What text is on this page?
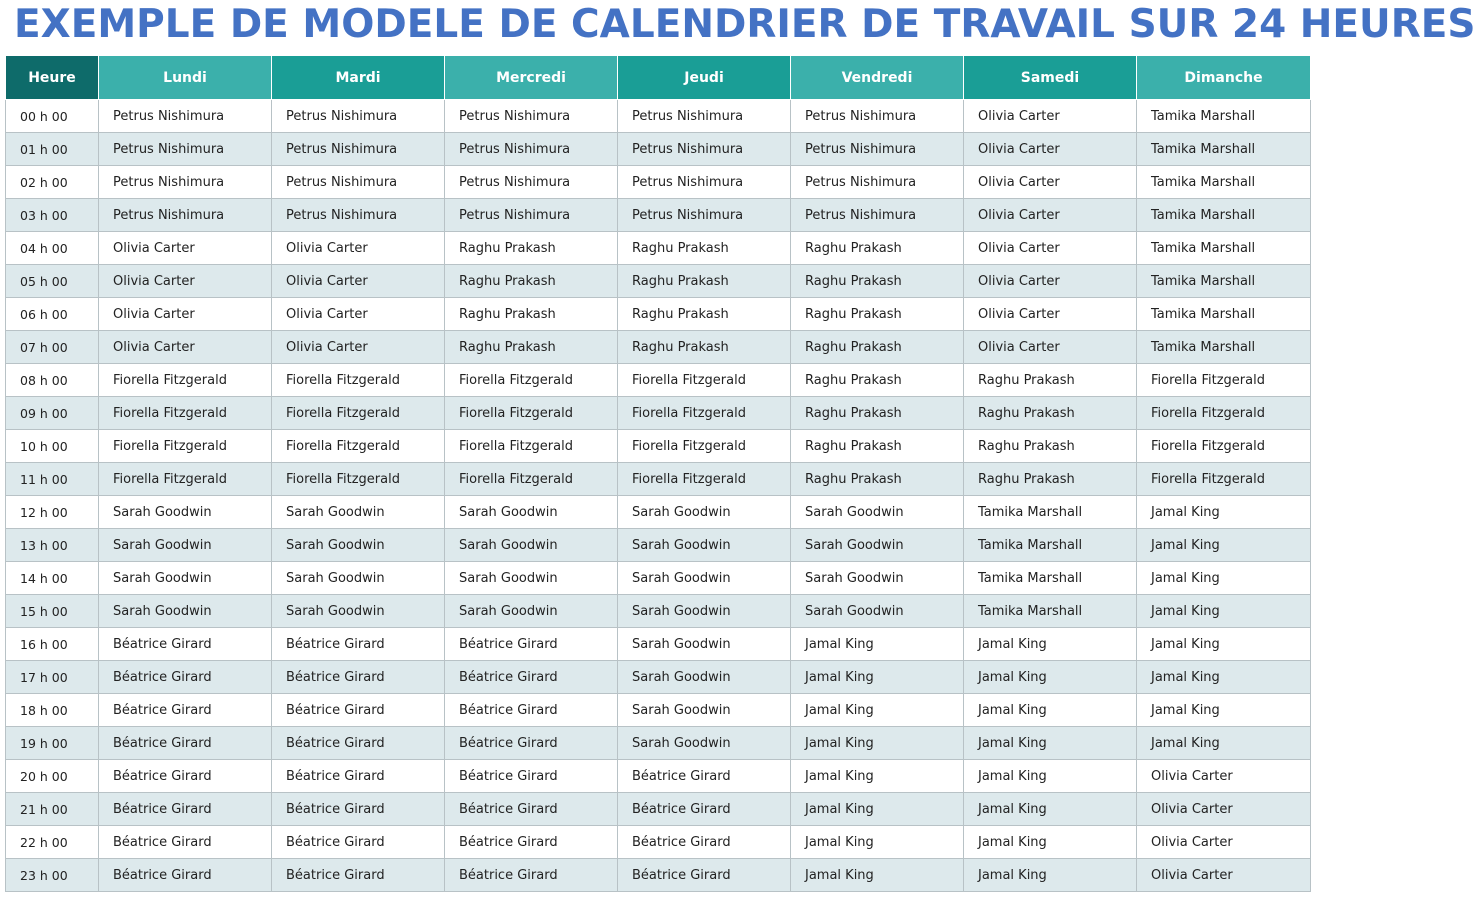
EXEMPLE DE MODELE DE CALENDRIER DE TRAVAIL SUR 24 HEURES
Heure	Lundi	Mardi	Mercredi	Jeudi	Vendredi	Samedi	Dimanche
00 h 00	Petrus Nishimura	Petrus Nishimura	Petrus Nishimura	Petrus Nishimura	Petrus Nishimura	Olivia Carter	Tamika Marshall
01 h 00	Petrus Nishimura	Petrus Nishimura	Petrus Nishimura	Petrus Nishimura	Petrus Nishimura	Olivia Carter	Tamika Marshall
02 h 00	Petrus Nishimura	Petrus Nishimura	Petrus Nishimura	Petrus Nishimura	Petrus Nishimura	Olivia Carter	Tamika Marshall
03 h 00	Petrus Nishimura	Petrus Nishimura	Petrus Nishimura	Petrus Nishimura	Petrus Nishimura	Olivia Carter	Tamika Marshall
04 h 00	Olivia Carter	Olivia Carter	Raghu Prakash	Raghu Prakash	Raghu Prakash	Olivia Carter	Tamika Marshall
05 h 00	Olivia Carter	Olivia Carter	Raghu Prakash	Raghu Prakash	Raghu Prakash	Olivia Carter	Tamika Marshall
06 h 00	Olivia Carter	Olivia Carter	Raghu Prakash	Raghu Prakash	Raghu Prakash	Olivia Carter	Tamika Marshall
07 h 00	Olivia Carter	Olivia Carter	Raghu Prakash	Raghu Prakash	Raghu Prakash	Olivia Carter	Tamika Marshall
08 h 00	Fiorella Fitzgerald	Fiorella Fitzgerald	Fiorella Fitzgerald	Fiorella Fitzgerald	Raghu Prakash	Raghu Prakash	Fiorella Fitzgerald
09 h 00	Fiorella Fitzgerald	Fiorella Fitzgerald	Fiorella Fitzgerald	Fiorella Fitzgerald	Raghu Prakash	Raghu Prakash	Fiorella Fitzgerald
10 h 00	Fiorella Fitzgerald	Fiorella Fitzgerald	Fiorella Fitzgerald	Fiorella Fitzgerald	Raghu Prakash	Raghu Prakash	Fiorella Fitzgerald
11 h 00	Fiorella Fitzgerald	Fiorella Fitzgerald	Fiorella Fitzgerald	Fiorella Fitzgerald	Raghu Prakash	Raghu Prakash	Fiorella Fitzgerald
12 h 00	Sarah Goodwin	Sarah Goodwin	Sarah Goodwin	Sarah Goodwin	Sarah Goodwin	Tamika Marshall	Jamal King
13 h 00	Sarah Goodwin	Sarah Goodwin	Sarah Goodwin	Sarah Goodwin	Sarah Goodwin	Tamika Marshall	Jamal King
14 h 00	Sarah Goodwin	Sarah Goodwin	Sarah Goodwin	Sarah Goodwin	Sarah Goodwin	Tamika Marshall	Jamal King
15 h 00	Sarah Goodwin	Sarah Goodwin	Sarah Goodwin	Sarah Goodwin	Sarah Goodwin	Tamika Marshall	Jamal King
16 h 00	Béatrice Girard	Béatrice Girard	Béatrice Girard	Sarah Goodwin	Jamal King	Jamal King	Jamal King
17 h 00	Béatrice Girard	Béatrice Girard	Béatrice Girard	Sarah Goodwin	Jamal King	Jamal King	Jamal King
18 h 00	Béatrice Girard	Béatrice Girard	Béatrice Girard	Sarah Goodwin	Jamal King	Jamal King	Jamal King
19 h 00	Béatrice Girard	Béatrice Girard	Béatrice Girard	Sarah Goodwin	Jamal King	Jamal King	Jamal King
20 h 00	Béatrice Girard	Béatrice Girard	Béatrice Girard	Béatrice Girard	Jamal King	Jamal King	Olivia Carter
21 h 00	Béatrice Girard	Béatrice Girard	Béatrice Girard	Béatrice Girard	Jamal King	Jamal King	Olivia Carter
22 h 00	Béatrice Girard	Béatrice Girard	Béatrice Girard	Béatrice Girard	Jamal King	Jamal King	Olivia Carter
23 h 00	Béatrice Girard	Béatrice Girard	Béatrice Girard	Béatrice Girard	Jamal King	Jamal King	Olivia Carter
